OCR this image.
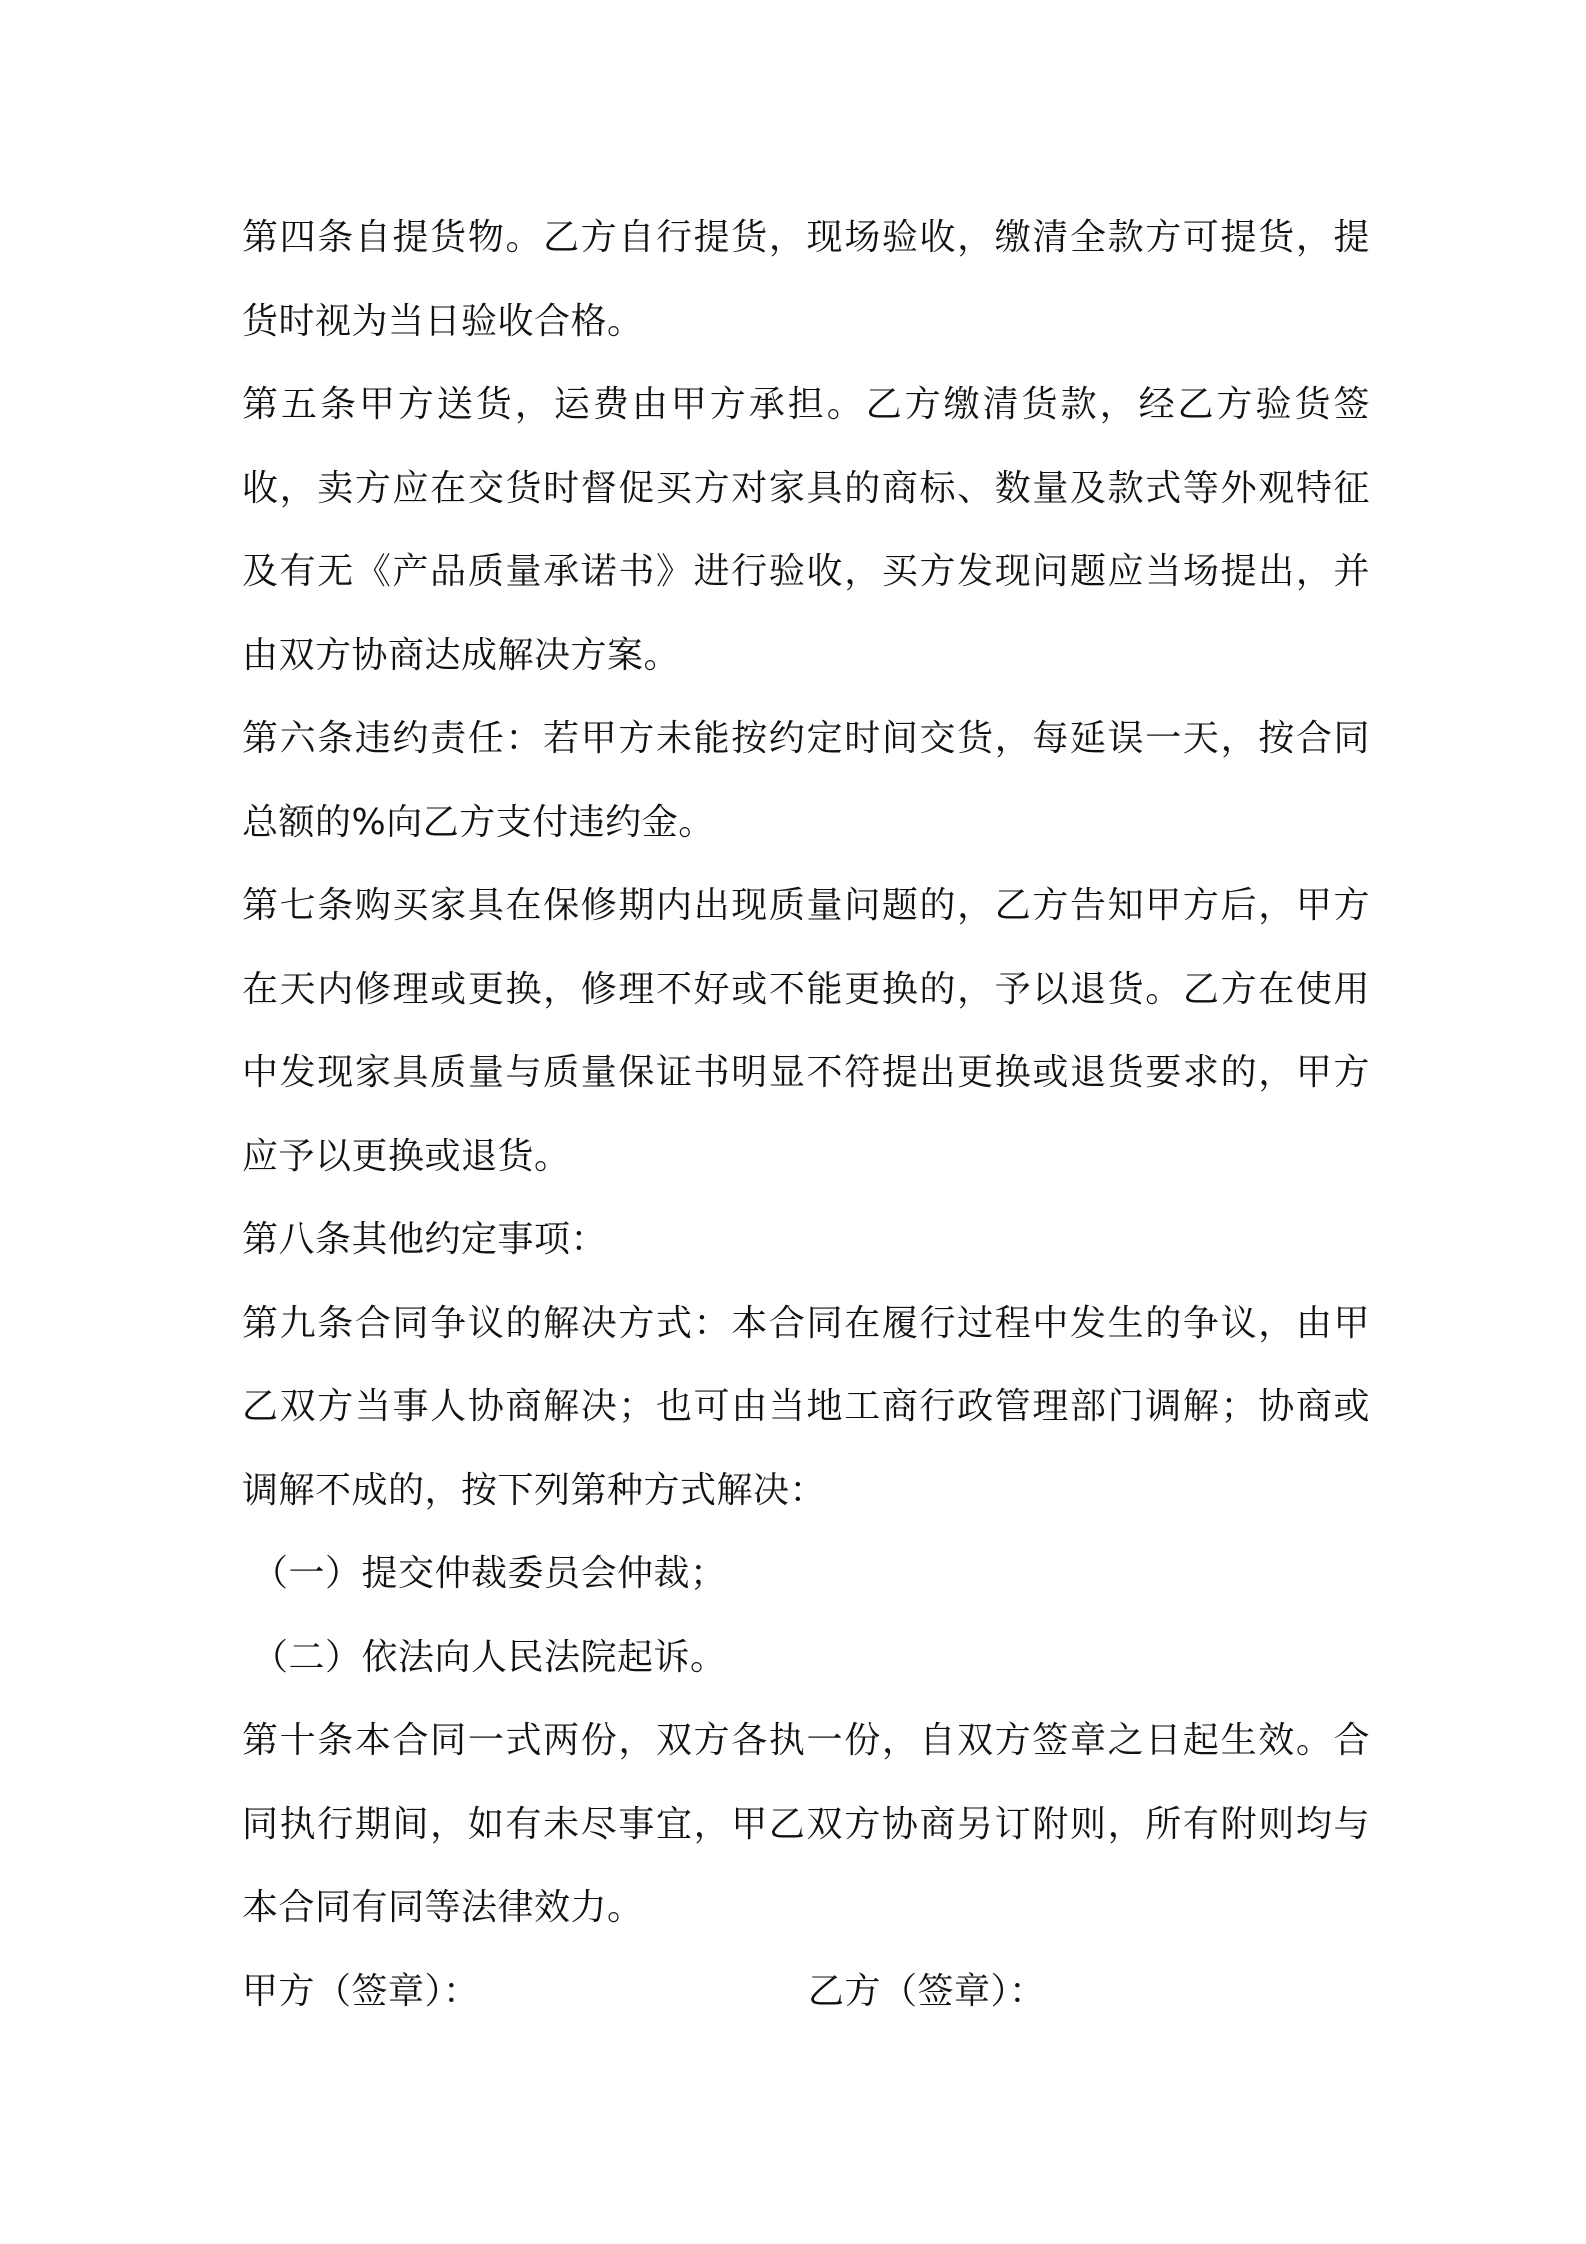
第四条自提货物。乙方自行提货，现场验收，缴清全款方可提货，提货时视为当日验收合格。

第五条甲方送货，运费由甲方承担。乙方缴清货款，经乙方验货签收，卖方应在交货时督促买方对家具的商标、数量及款式等外观特征及有无《产品质量承诺书》进行验收，买方发现问题应当场提出，并由双方协商达成解决方案。

第六条违约责任：若甲方未能按约定时间交货，每延误一天，按合同总额的%向乙方支付违约金。

第七条购买家具在保修期内出现质量问题的，乙方告知甲方后，甲方在天内修理或更换，修理不好或不能更换的，予以退货。乙方在使用中发现家具质量与质量保证书明显不符提出更换或退货要求的，甲方应予以更换或退货。

第八条其他约定事项：

第九条合同争议的解决方式：本合同在履行过程中发生的争议，由甲乙双方当事人协商解决；也可由当地工商行政管理部门调解；协商或调解不成的，按下列第种方式解决：

（一）提交仲裁委员会仲裁；

（二）依法向人民法院起诉。

第十条本合同一式两份，双方各执一份，自双方签章之日起生效。合同执行期间，如有未尽事宜，甲乙双方协商另订附则，所有附则均与本合同有同等法律效力。

甲方（签章）：	乙方（签章）：
